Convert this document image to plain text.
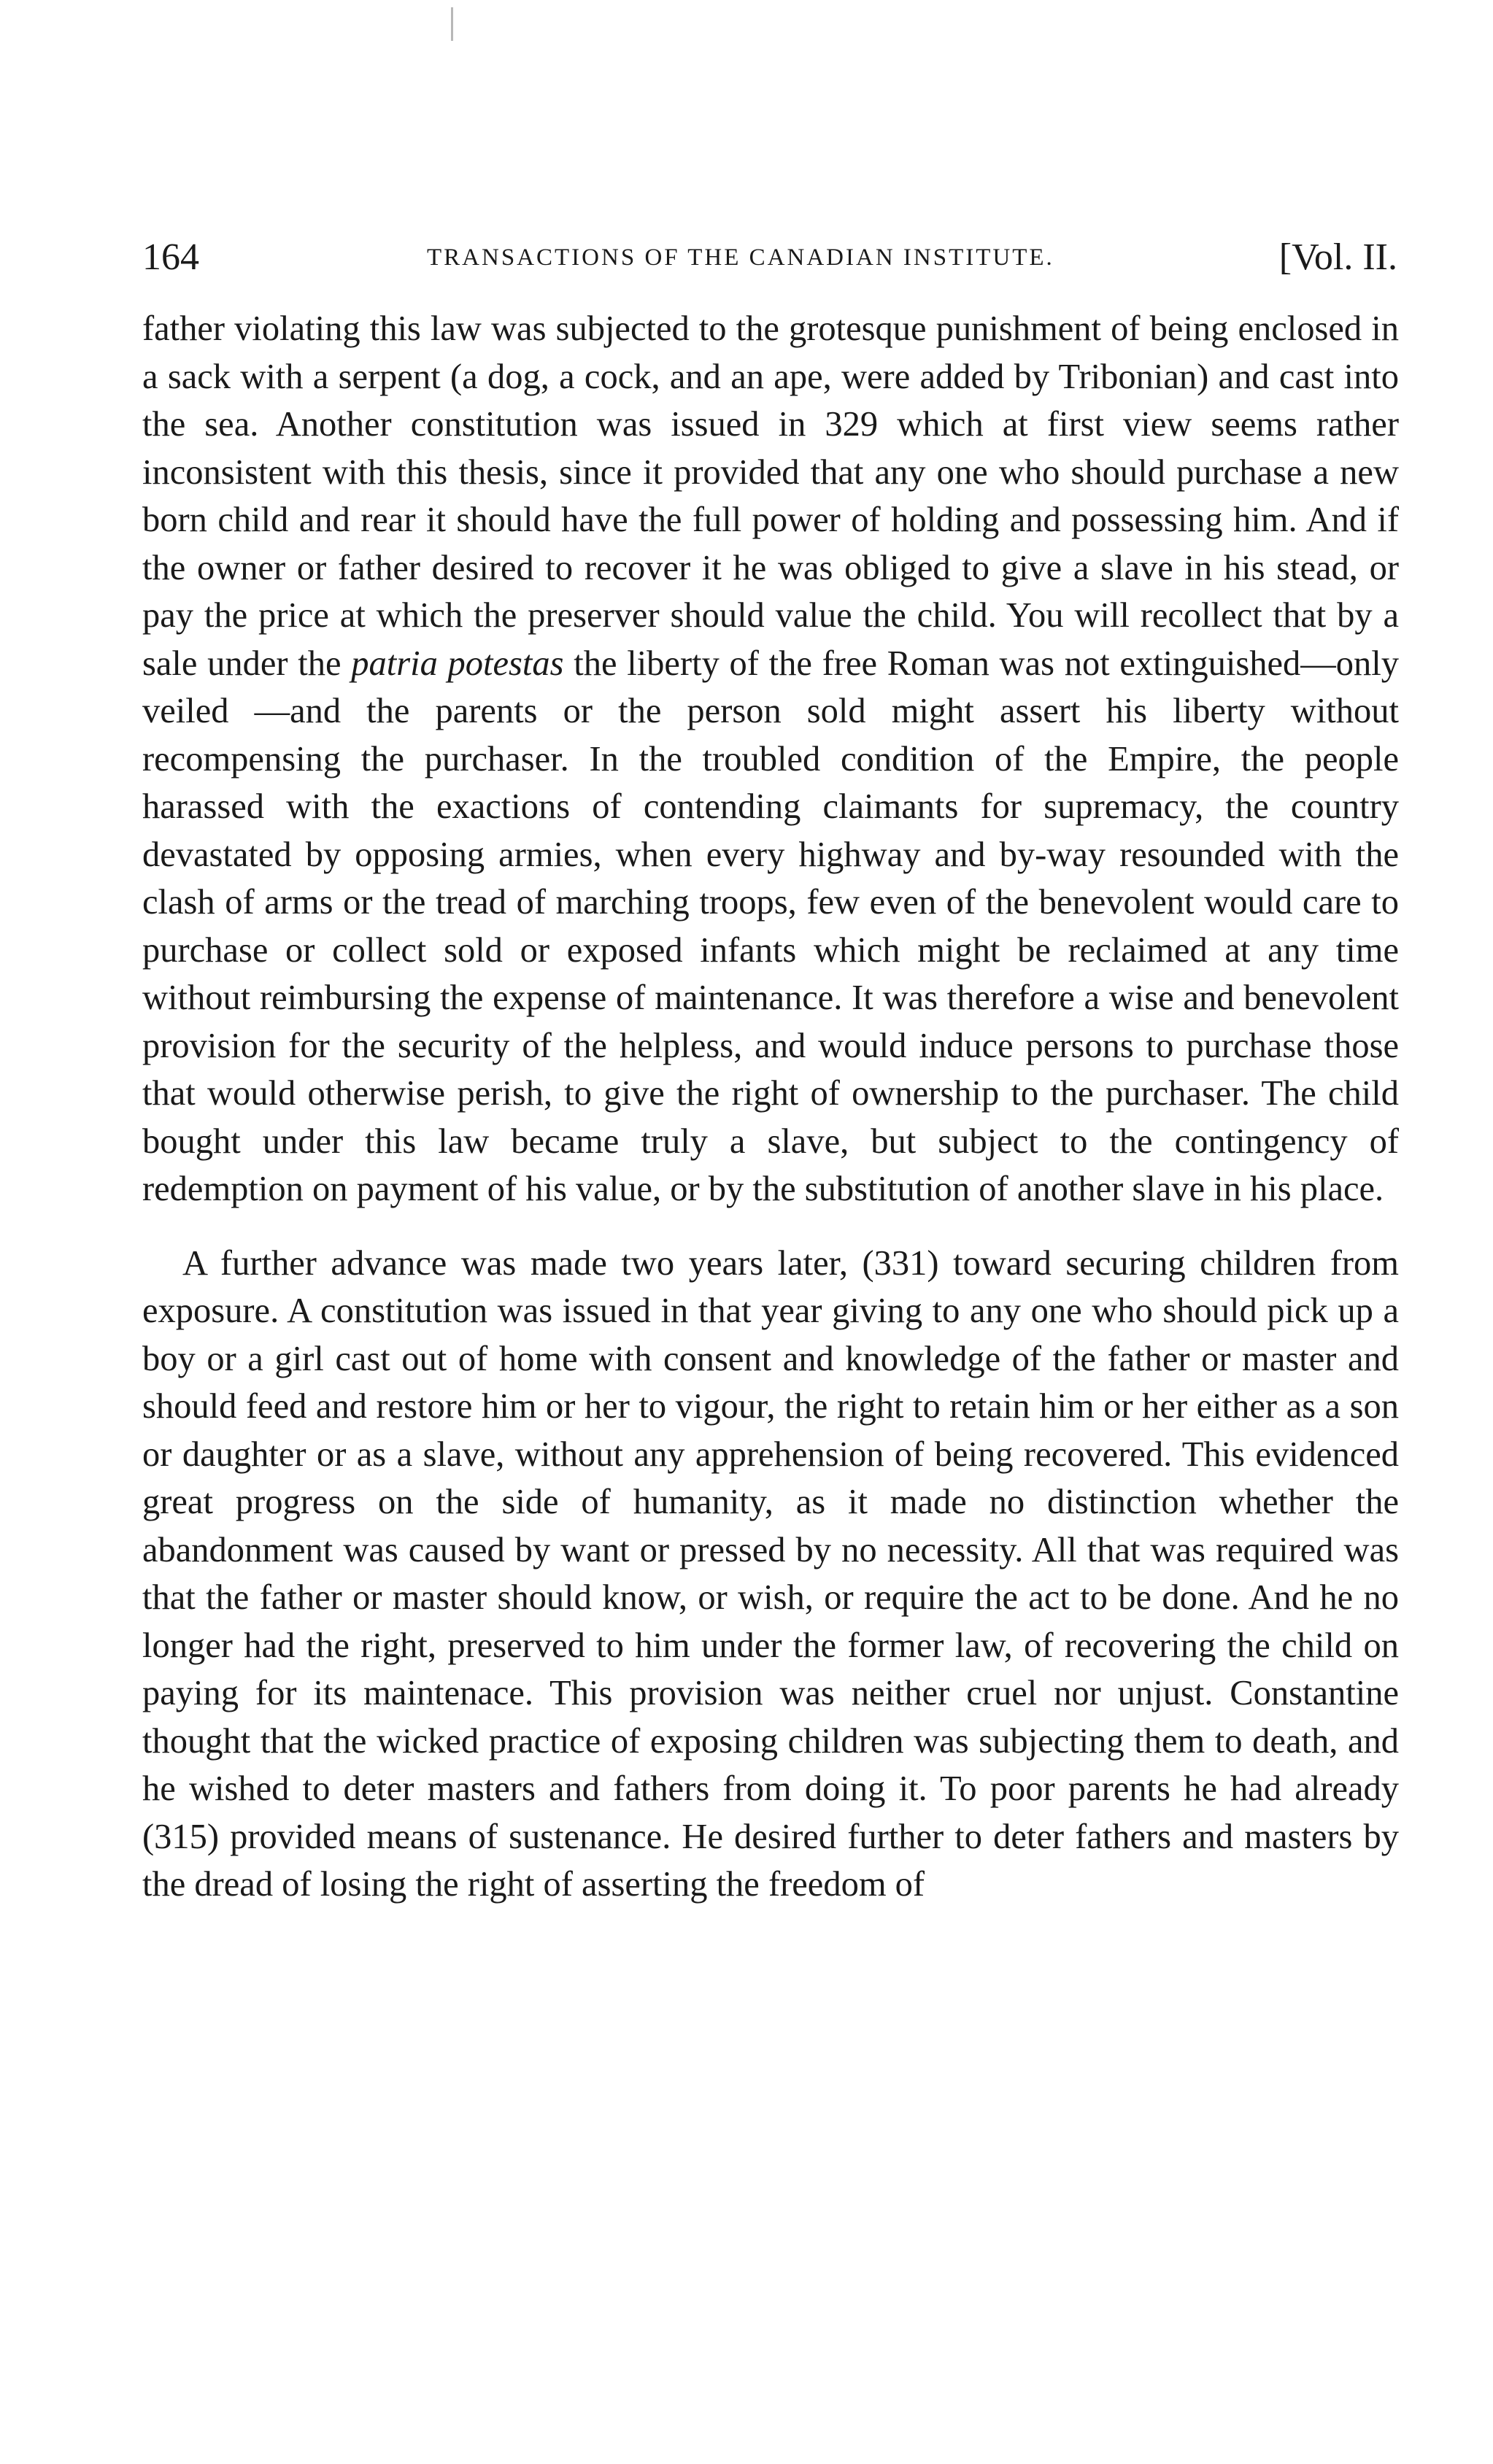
164	TRANSACTIONS OF THE CANADIAN INSTITUTE.	[Vol. II.

father violating this law was subjected to the grotesque punishment of being enclosed in a sack with a serpent (a dog, a cock, and an ape, were added by Tribonian) and cast into the sea. Another constitution was issued in 329 which at first view seems rather inconsistent with this thesis, since it provided that any one who should purchase a new born child and rear it should have the full power of holding and possessing him. And if the owner or father desired to recover it he was obliged to give a slave in his stead, or pay the price at which the preserver should value the child. You will recollect that by a sale under the patria potestas the liberty of the free Roman was not extinguished—only veiled —and the parents or the person sold might assert his liberty without recompensing the purchaser. In the troubled condition of the Empire, the people harassed with the exactions of contending claimants for supremacy, the country devastated by opposing armies, when every highway and by-way resounded with the clash of arms or the tread of marching troops, few even of the benevolent would care to purchase or collect sold or exposed infants which might be reclaimed at any time without reimbursing the expense of maintenance. It was therefore a wise and benevolent provision for the security of the helpless, and would induce persons to purchase those that would otherwise perish, to give the right of ownership to the purchaser. The child bought under this law became truly a slave, but subject to the contingency of redemption on payment of his value, or by the substitution of another slave in his place.

A further advance was made two years later, (331) toward securing children from exposure. A constitution was issued in that year giving to any one who should pick up a boy or a girl cast out of home with consent and knowledge of the father or master and should feed and restore him or her to vigour, the right to retain him or her either as a son or daughter or as a slave, without any apprehension of being recovered. This evidenced great progress on the side of humanity, as it made no distinction whether the abandonment was caused by want or pressed by no necessity. All that was required was that the father or master should know, or wish, or require the act to be done. And he no longer had the right, preserved to him under the former law, of recovering the child on paying for its maintenace. This provision was neither cruel nor unjust. Constantine thought that the wicked practice of exposing children was subjecting them to death, and he wished to deter masters and fathers from doing it. To poor parents he had already (315) provided means of sustenance. He desired further to deter fathers and masters by the dread of losing the right of asserting the freedom of
